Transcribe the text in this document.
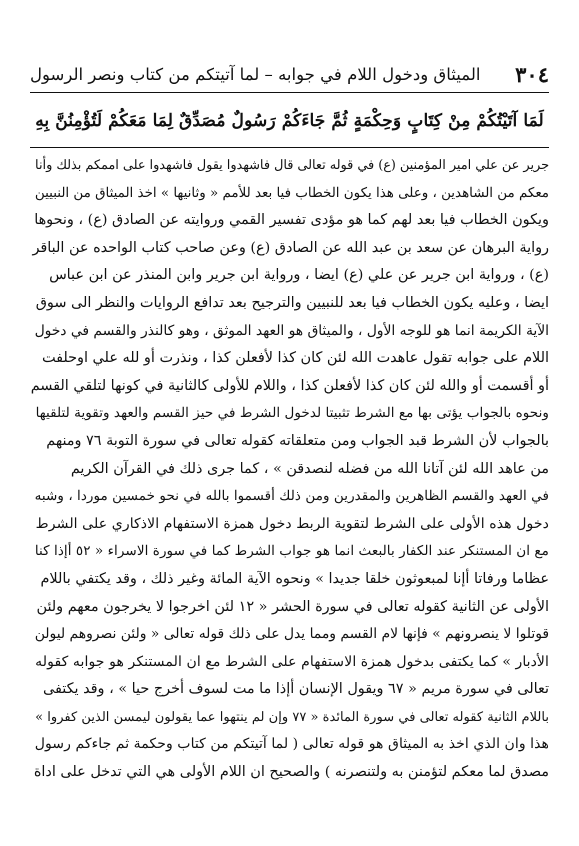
٣٠٤
الميثاق ودخول اللام في جوابه – لما آتيتكم من كتاب ونصر الرسول
لَمَا آتَيْتُكُمْ مِنْ كِتَابٍ وَحِكْمَةٍ ثُمَّ جَاءَكُمْ رَسُولٌ مُصَدِّقٌ لِمَا مَعَكُمْ لَتُؤْمِنُنَّ بِهِ
جرير عن علي امير المؤمنين (ع) في قوله تعالى قال فاشهدوا يقول فاشهدوا على اممكم بذلك وأنا
معكم من الشاهدين ، وعلى هذا يكون الخطاب فيا بعد للأمم « وثانيها » اخذ الميثاق من النبيين
ويكون الخطاب فيا بعد لهم كما هو مؤدى تفسير القمي وروايته عن الصادق (ع) ، ونحوها
رواية البرهان عن سعد بن عبد الله عن الصادق (ع) وعن صاحب كتاب الواحده عن الباقر
(ع) ، ورواية ابن جرير عن علي (ع) ايضا ، ورواية ابن جرير وابن المنذر عن ابن عباس
ايضا ، وعليه يكون الخطاب فيا بعد للنبيين والترجيح بعد تدافع الروايات والنظر الى سوق
الآية الكريمة انما هو للوجه الأول ، والميثاق هو العهد الموثق ، وهو كالنذر والقسم في دخول
اللام على جوابه تقول عاهدت الله لئن كان كذا لأفعلن كذا ، ونذرت أو لله علي اوحلفت
أو أقسمت أو والله لئن كان كذا لأفعلن كذا ، واللام للأولى كالثانية في كونها لتلقي القسم
ونحوه بالجواب يؤتى بها مع الشرط تثبيتا لدخول الشرط في حيز القسم والعهد وتقوية لتلقيها
بالجواب لأن الشرط قبد الجواب ومن متعلقاته كقوله تعالى في سورة التوبة ٧٦ ومنهم
من عاهد الله لئن آتانا الله من فضله لنصدقن » ، كما جرى ذلك في القرآن الكريم
في العهد والقسم الظاهرين والمقدرين ومن ذلك أقسموا بالله في نحو خمسين موردا ، وشبه
دخول هذه الأولى على الشرط لتقوية الربط دخول همزة الاستفهام الاذكاري على الشرط
مع ان المستنكر عند الكفار بالبعث انما هو جواب الشرط كما في سورة الاسراء « ٥٢ أإذا كنا
عظاما ورفاتا أإنا لمبعوثون خلقا جديدا » ونحوه الآية المائة وغير ذلك ، وقد يكتفي باللام
الأولى عن الثانية كقوله تعالى في سورة الحشر « ١٢ لئن اخرجوا لا يخرجون معهم ولئن
قوتلوا لا ينصرونهم » فإنها لام القسم ومما يدل على ذلك قوله تعالى « ولئن نصروهم ليولن
الأدبار » كما يكتفى بدخول همزة الاستفهام على الشرط مع ان المستنكر هو جوابه كقوله
تعالى في سورة مريم « ٦٧ ويقول الإنسان أإذا ما مت لسوف أخرج حيا » ، وقد يكتفى
باللام الثانية كقوله تعالى في سورة المائدة « ٧٧ وإن لم ينتهوا عما يقولون ليمسن الذين كفروا »
هذا وان الذي اخذ به الميثاق هو قوله تعالى ( لما آتيتكم من كتاب وحكمة ثم جاءكم رسول
مصدق لما معكم لتؤمنن به ولتنصرنه ) والصحيح ان اللام الأولى هي التي تدخل على اداة
